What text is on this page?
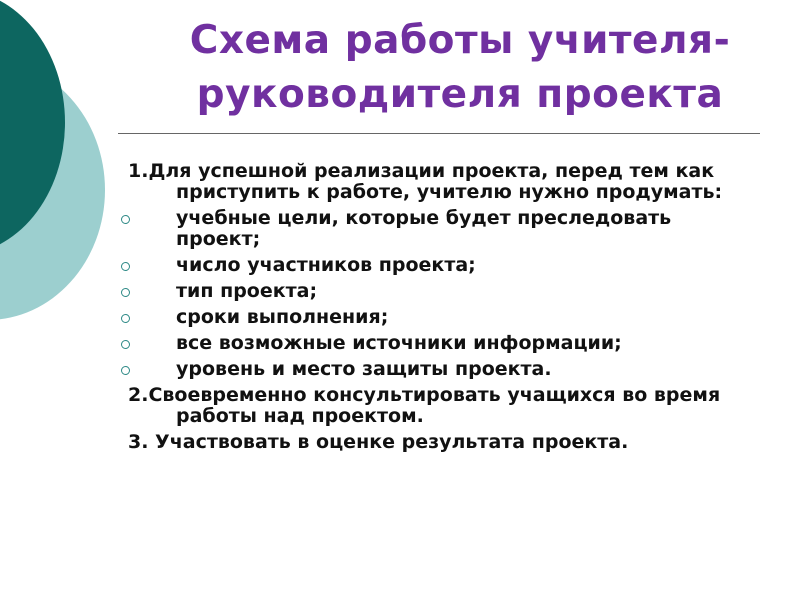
Схема работы учителя-руководителя проекта
1.Для успешной реализации проекта, перед тем как приступить к работе, учителю нужно продумать:
учебные цели, которые будет преследовать проект;
число участников проекта;
тип проекта;
сроки выполнения;
все возможные источники информации;
уровень и место защиты проекта.
2.Своевременно консультировать учащихся во время работы над проектом.
3. Участвовать в оценке результата проекта.
